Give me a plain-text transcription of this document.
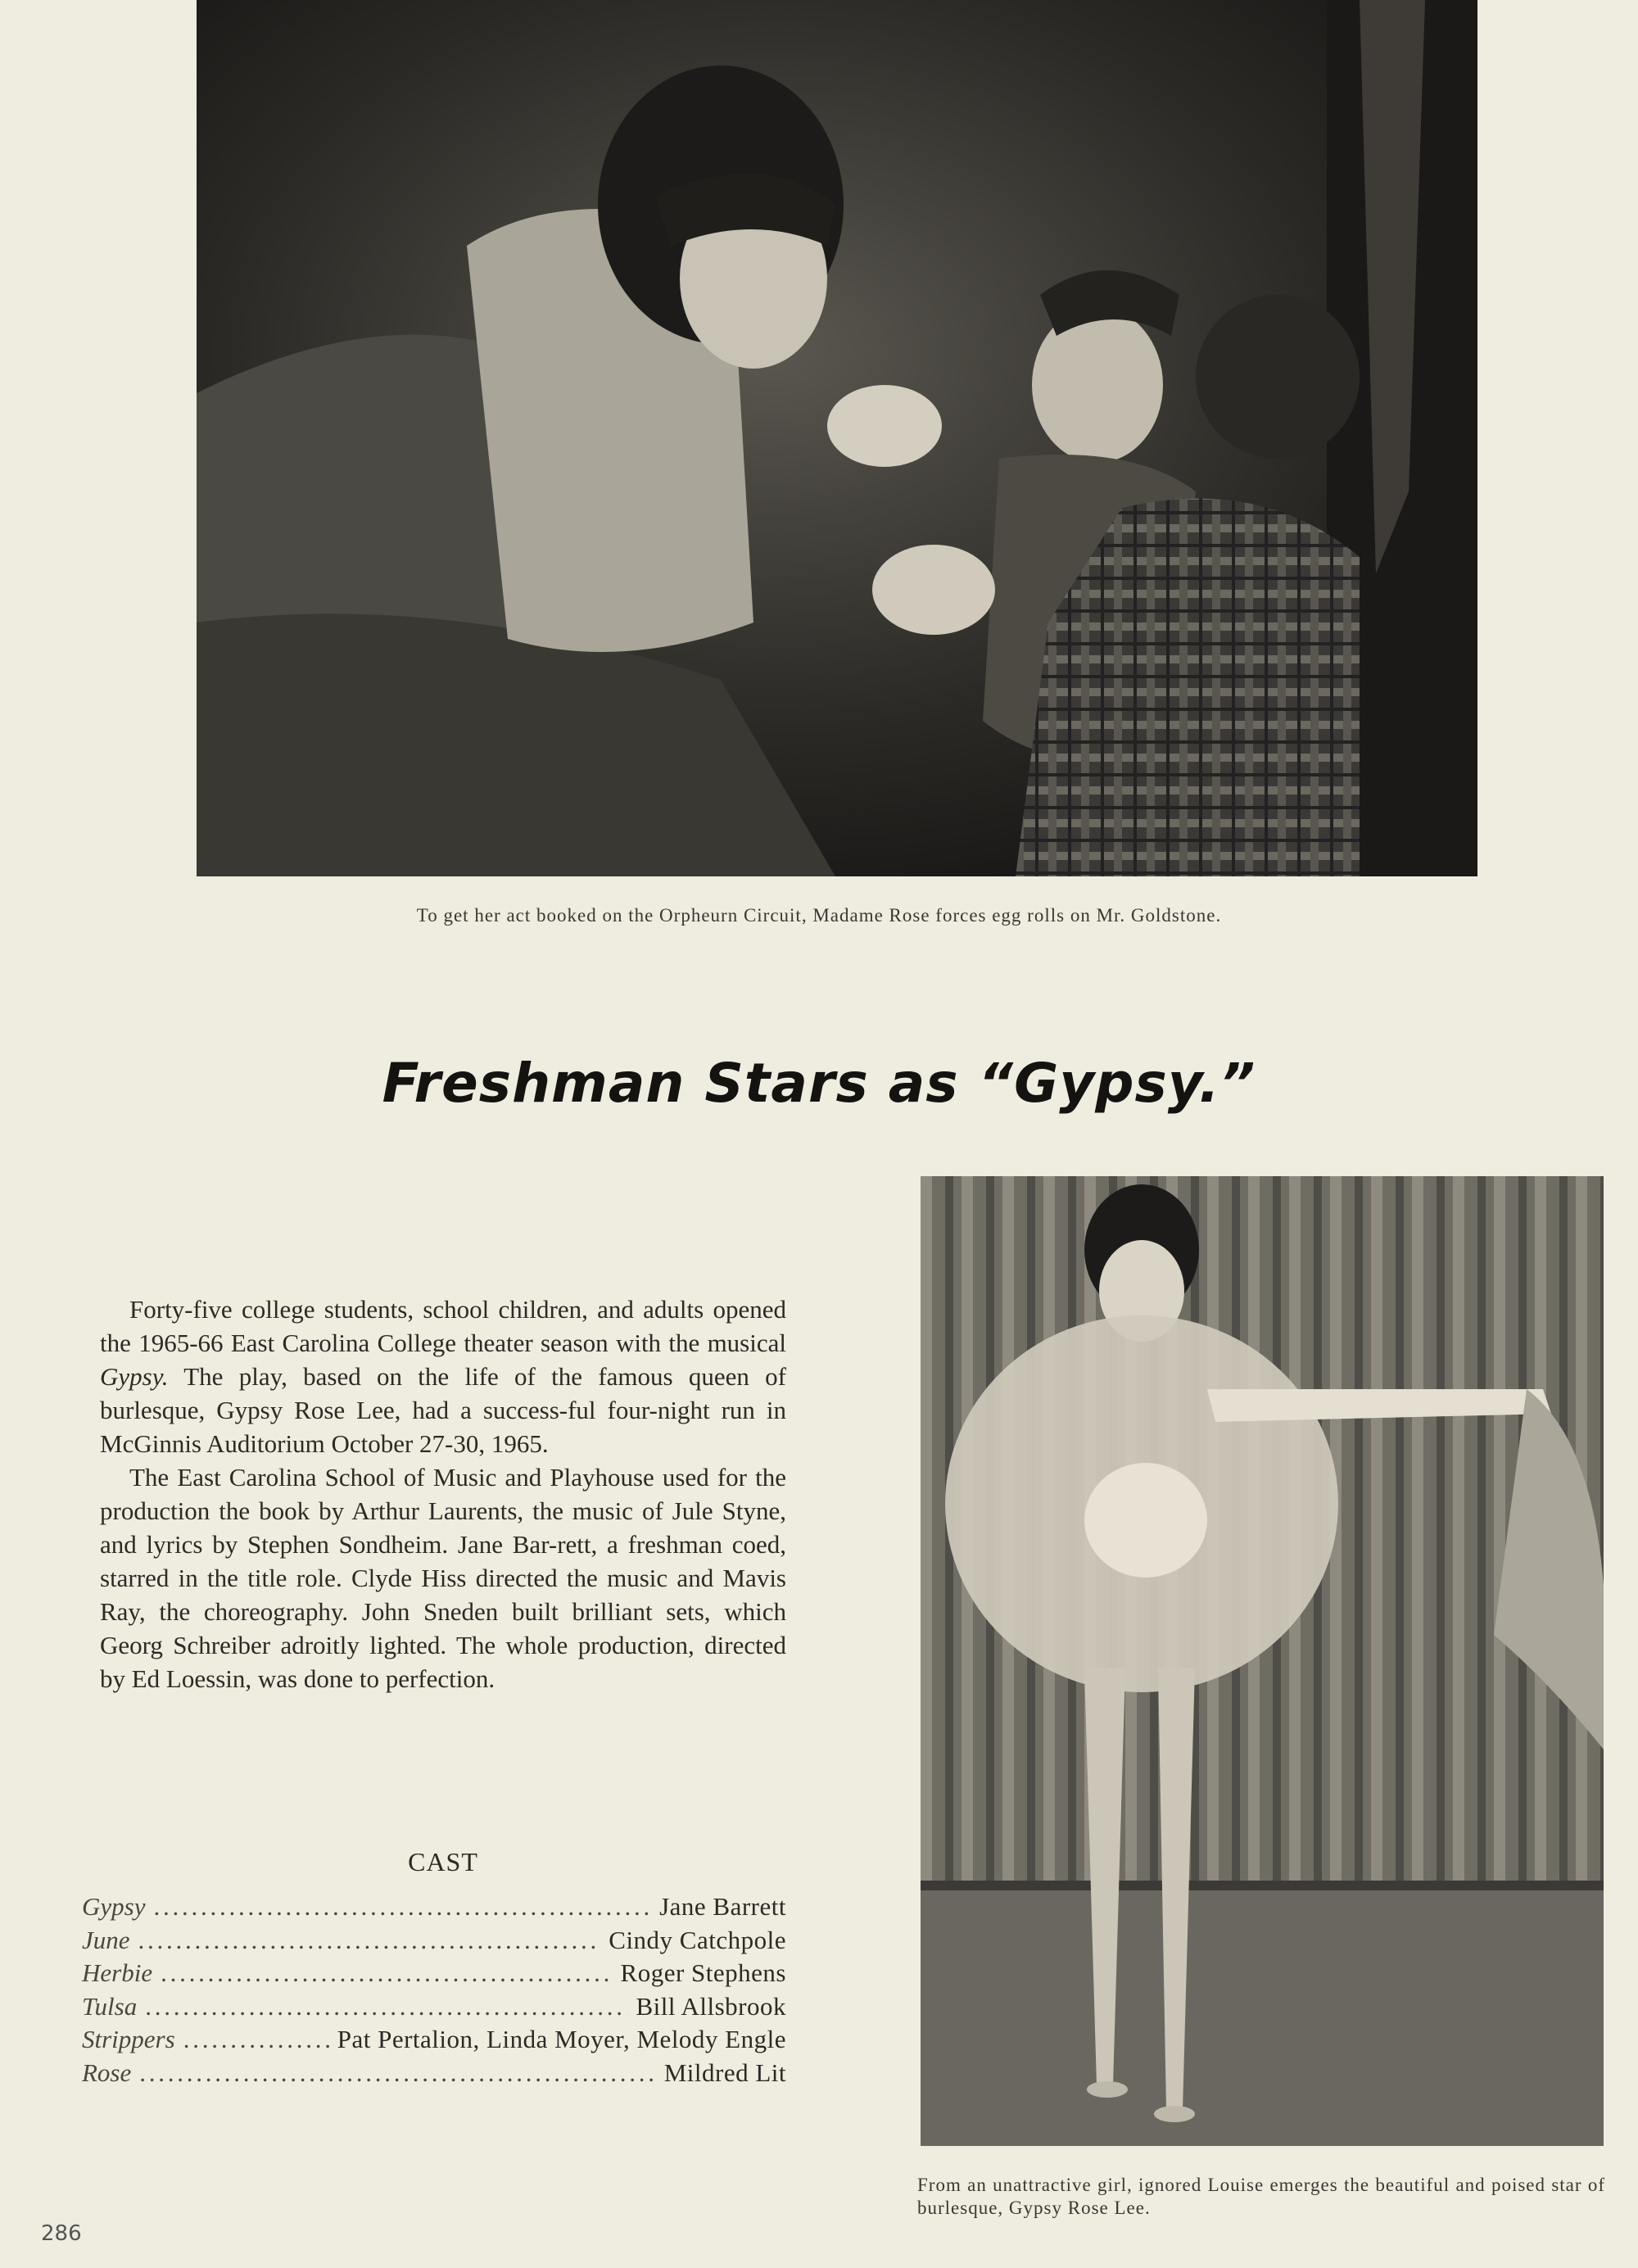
To get her act booked on the Orpheurn Circuit, Madame Rose forces egg rolls on Mr. Goldstone.
Freshman Stars as “Gypsy.”

Forty-five college students, school children, and adults opened the 1965-66 East Carolina College theater season with the musical Gypsy. The play, based on the life of the famous queen of burlesque, Gypsy Rose Lee, had a success-ful four-night run in McGinnis Auditorium October 27-30, 1965.

The East Carolina School of Music and Playhouse used for the production the book by Arthur Laurents, the music of Jule Styne, and lyrics by Stephen Sondheim. Jane Bar-rett, a freshman coed, starred in the title role. Clyde Hiss directed the music and Mavis Ray, the choreography. John Sneden built brilliant sets, which Georg Schreiber adroitly lighted. The whole production, directed by Ed Loessin, was done to perfection.

CAST
Gypsy . . .	Jane Barrett
June . . .	Cindy Catchpole
Herbie . . .	Roger Stephens
Tulsa . . .	Bill Allsbrook
Strippers . . .	Pat Pertalion, Linda Moyer, Melody Engle
Rose . . .	Mildred Lit
From an unattractive girl, ignored Louise emerges the beautiful and poised star of burlesque, Gypsy Rose Lee.
286
